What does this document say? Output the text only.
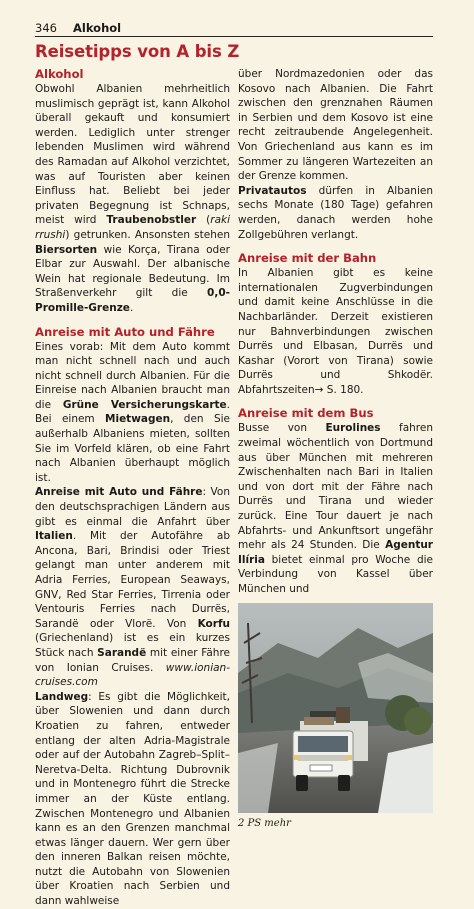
346 Alkohol
Reisetipps von A bis Z
Alkohol

Obwohl Albanien mehrheitlich muslimisch geprägt ist, kann Alkohol überall gekauft und konsumiert werden. Lediglich unter strenger lebenden Muslimen wird während des Ramadan auf Alkohol verzichtet, was auf Touristen aber keinen Einfluss hat. Beliebt bei jeder privaten Begegnung ist Schnaps, meist wird Traubenobstler (raki rrushi) getrunken. Ansonsten stehen Biersorten wie Korça, Tirana oder Elbar zur Auswahl. Der albanische Wein hat regionale Bedeutung. Im Straßenverkehr gilt die 0,0-Promille-Grenze.

Anreise mit Auto und Fähre

Eines vorab: Mit dem Auto kommt man nicht schnell nach und auch nicht schnell durch Albanien. Für die Einreise nach Albanien braucht man die Grüne Versicherungskarte. Bei einem Mietwagen, den Sie außerhalb Albaniens mieten, sollten Sie im Vorfeld klären, ob eine Fahrt nach Albanien überhaupt möglich ist.

Anreise mit Auto und Fähre: Von den deutschsprachigen Ländern aus gibt es einmal die Anfahrt über Italien. Mit der Autofähre ab Ancona, Bari, Brindisi oder Triest gelangt man unter anderem mit Adria Ferries, European Seaways, GNV, Red Star Ferries, Tirrenia oder Ventouris Ferries nach Durrës, Sarandë oder Vlorë. Von Korfu (Griechenland) ist es ein kurzes Stück nach Sarandë mit einer Fähre von Ionian Cruises. www.ionian-cruises.com

Landweg: Es gibt die Möglichkeit, über Slowenien und dann durch Kroatien zu fahren, entweder entlang der alten Adria-Magistrale oder auf der Autobahn Zagreb–Split–Neretva-Delta. Richtung Dubrovnik und in Montenegro führt die Strecke immer an der Küste entlang. Zwischen Montenegro und Albanien kann es an den Grenzen manchmal etwas länger dauern. Wer gern über den inneren Balkan reisen möchte, nutzt die Autobahn von Slowenien über Kroatien nach Serbien und dann wahlweise

über Nordmazedonien oder das Kosovo nach Albanien. Die Fahrt zwischen den grenznahen Räumen in Serbien und dem Kosovo ist eine recht zeitraubende Angelegenheit. Von Griechenland aus kann es im Sommer zu längeren Wartezeiten an der Grenze kommen.

Privatautos dürfen in Albanien sechs Monate (180 Tage) gefahren werden, danach werden hohe Zollgebühren verlangt.

Anreise mit der Bahn

In Albanien gibt es keine internationalen Zugverbindungen und damit keine Anschlüsse in die Nachbarländer. Derzeit existieren nur Bahnverbindungen zwischen Durrës und Elbasan, Durrës und Kashar (Vorort von Tirana) sowie Durrës und Shkodër. Abfahrtszeiten→ S. 180.

Anreise mit dem Bus

Busse von Eurolines fahren zweimal wöchentlich von Dortmund aus über München mit mehreren Zwischenhalten nach Bari in Italien und von dort mit der Fähre nach Durrës und Tirana und wieder zurück. Eine Tour dauert je nach Abfahrts- und Ankunftsort ungefähr mehr als 24 Stunden. Die Agentur Ilíria bietet einmal pro Woche die Verbindung von Kassel über München und

2 PS mehr
